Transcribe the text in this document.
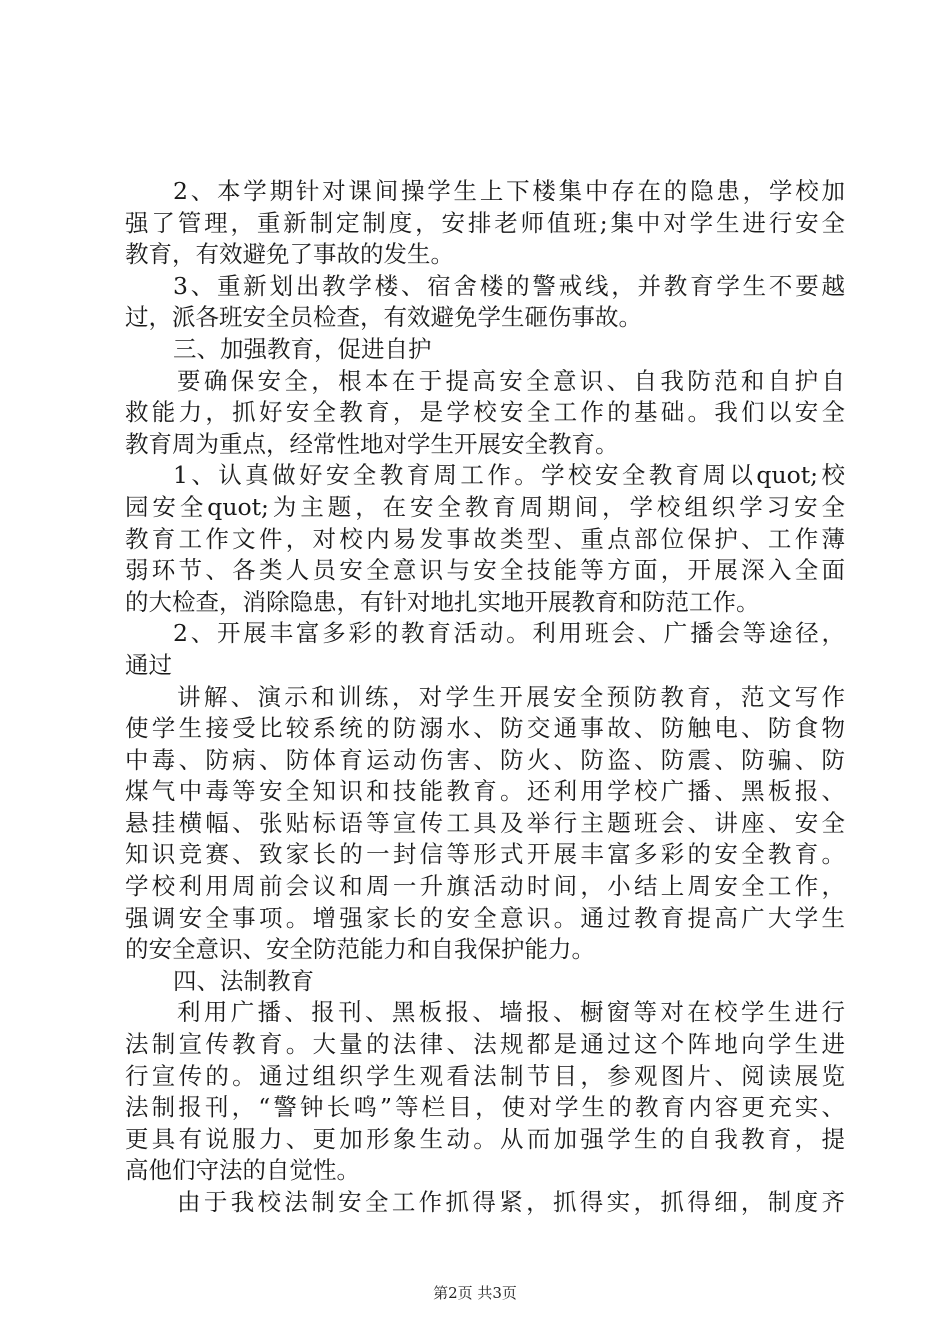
2、本学期针对课间操学生上下楼集中存在的隐患，学校加
强了管理，重新制定制度，安排老师值班;集中对学生进行安全
教育，有效避免了事故的发生。
3、重新划出教学楼、宿舍楼的警戒线，并教育学生不要越
过，派各班安全员检查，有效避免学生砸伤事故。
三、加强教育，促进自护
要确保安全，根本在于提高安全意识、自我防范和自护自
救能力，抓好安全教育，是学校安全工作的基础。我们以安全
教育周为重点，经常性地对学生开展安全教育。
1、认真做好安全教育周工作。学校安全教育周以quot;校
园安全quot;为主题，在安全教育周期间，学校组织学习安全
教育工作文件，对校内易发事故类型、重点部位保护、工作薄
弱环节、各类人员安全意识与安全技能等方面，开展深入全面
的大检查，消除隐患，有针对地扎实地开展教育和防范工作。
2、开展丰富多彩的教育活动。利用班会、广播会等途径，
通过
讲解、演示和训练，对学生开展安全预防教育，范文写作
使学生接受比较系统的防溺水、防交通事故、防触电、防食物
中毒、防病、防体育运动伤害、防火、防盗、防震、防骗、防
煤气中毒等安全知识和技能教育。还利用学校广播、黑板报、
悬挂横幅、张贴标语等宣传工具及举行主题班会、讲座、安全
知识竞赛、致家长的一封信等形式开展丰富多彩的安全教育。
学校利用周前会议和周一升旗活动时间，小结上周安全工作，
强调安全事项。增强家长的安全意识。通过教育提高广大学生
的安全意识、安全防范能力和自我保护能力。
四、法制教育
利用广播、报刊、黑板报、墙报、橱窗等对在校学生进行
法制宣传教育。大量的法律、法规都是通过这个阵地向学生进
行宣传的。通过组织学生观看法制节目，参观图片、阅读展览
法制报刊，“警钟长鸣”等栏目，使对学生的教育内容更充实、
更具有说服力、更加形象生动。从而加强学生的自我教育，提
高他们守法的自觉性。
由于我校法制安全工作抓得紧，抓得实，抓得细，制度齐
第2页 共3页
